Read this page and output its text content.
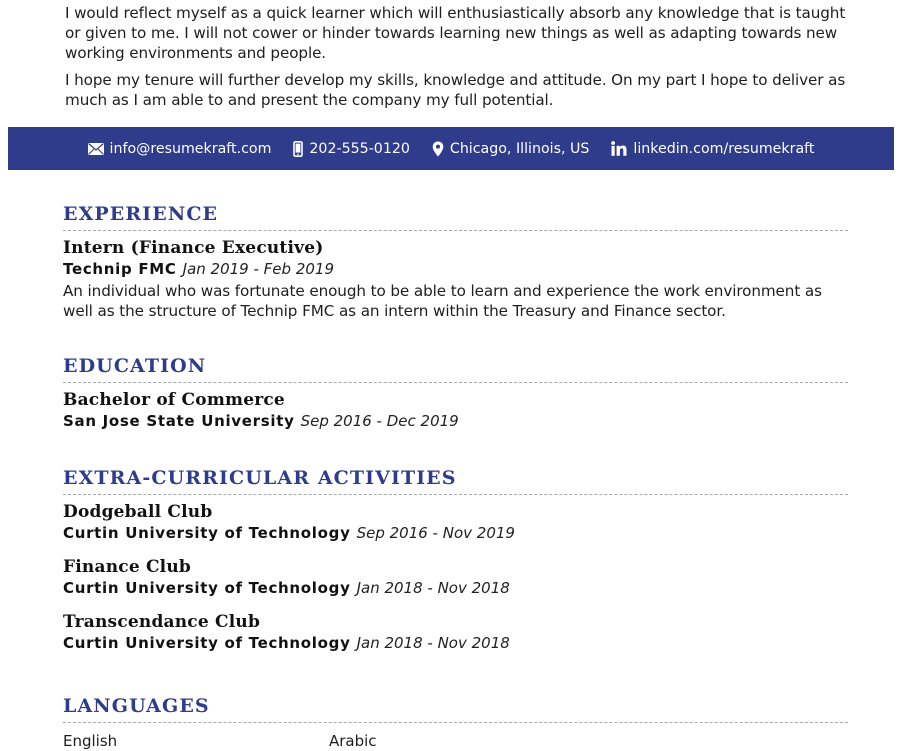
I would reflect myself as a quick learner which will enthusiastically absorb any knowledge that is taught or given to me. I will not cower or hinder towards learning new things as well as adapting towards new working environments and people.

I hope my tenure will further develop my skills, knowledge and attitude. On my part I hope to deliver as much as I am able to and present the company my full potential.

info@resumekraft.com	202-555-0120	Chicago, Illinois, US	linkedin.com/resumekraft
EXPERIENCE
Intern (Finance Executive)
Technip FMC Jan 2019 - Feb 2019
An individual who was fortunate enough to be able to learn and experience the work environment as well as the structure of Technip FMC as an intern within the Treasury and Finance sector.
EDUCATION
Bachelor of Commerce
San Jose State University Sep 2016 - Dec 2019
EXTRA-CURRICULAR ACTIVITIES
Dodgeball Club
Curtin University of Technology Sep 2016 - Nov 2019
Finance Club
Curtin University of Technology Jan 2018 - Nov 2018
Transcendance Club
Curtin University of Technology Jan 2018 - Nov 2018
LANGUAGES
English	Arabic
